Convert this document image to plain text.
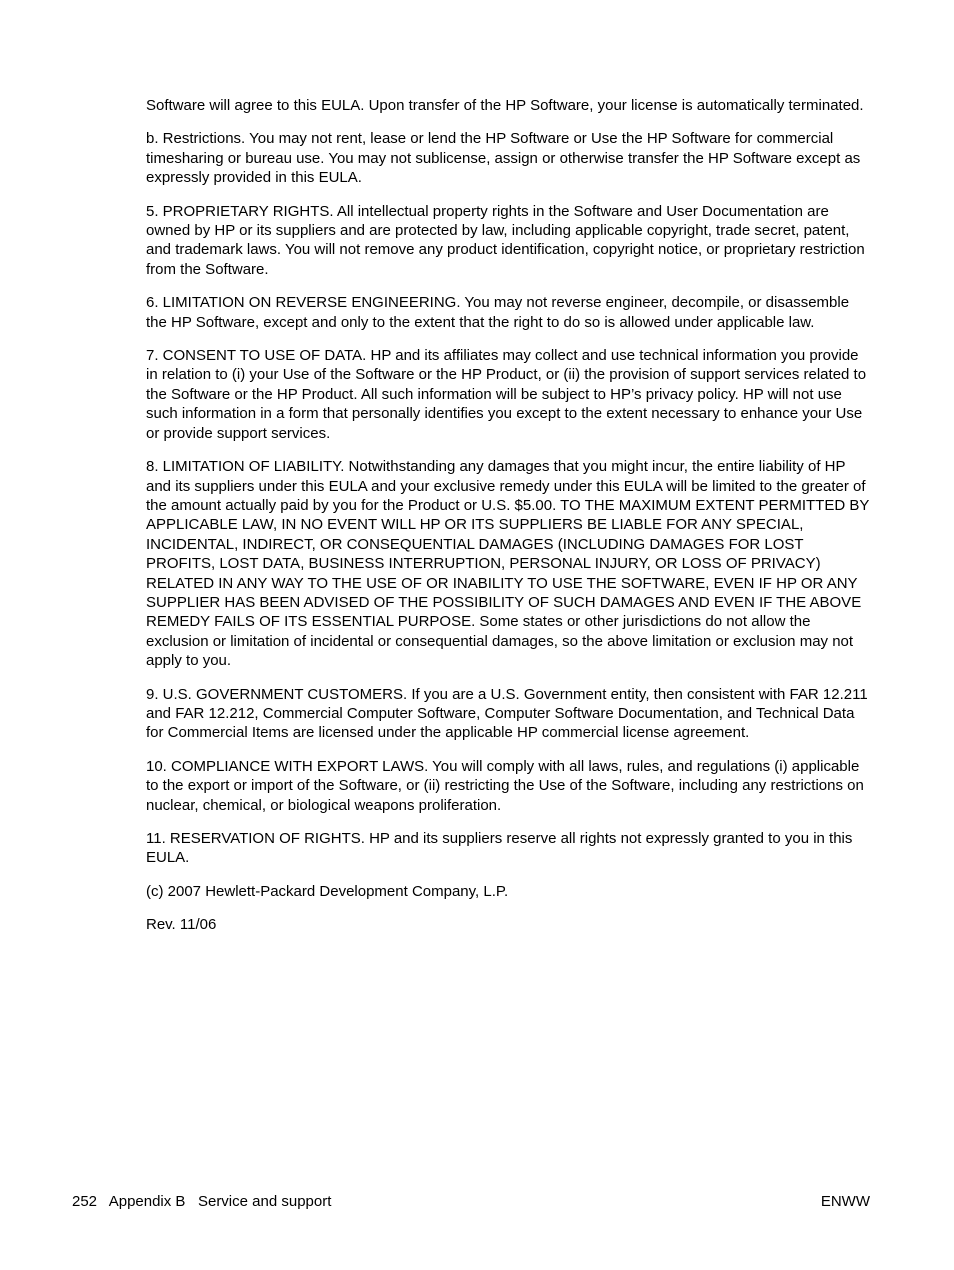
Software will agree to this EULA. Upon transfer of the HP Software, your license is automatically terminated.

b. Restrictions. You may not rent, lease or lend the HP Software or Use the HP Software for commercial timesharing or bureau use. You may not sublicense, assign or otherwise transfer the HP Software except as expressly provided in this EULA.

5. PROPRIETARY RIGHTS. All intellectual property rights in the Software and User Documentation are owned by HP or its suppliers and are protected by law, including applicable copyright, trade secret, patent, and trademark laws. You will not remove any product identification, copyright notice, or proprietary restriction from the Software.

6. LIMITATION ON REVERSE ENGINEERING. You may not reverse engineer, decompile, or disassemble the HP Software, except and only to the extent that the right to do so is allowed under applicable law.

7. CONSENT TO USE OF DATA. HP and its affiliates may collect and use technical information you provide in relation to (i) your Use of the Software or the HP Product, or (ii) the provision of support services related to the Software or the HP Product. All such information will be subject to HP’s privacy policy. HP will not use such information in a form that personally identifies you except to the extent necessary to enhance your Use or provide support services.

8. LIMITATION OF LIABILITY. Notwithstanding any damages that you might incur, the entire liability of HP and its suppliers under this EULA and your exclusive remedy under this EULA will be limited to the greater of the amount actually paid by you for the Product or U.S. $5.00. TO THE MAXIMUM EXTENT PERMITTED BY APPLICABLE LAW, IN NO EVENT WILL HP OR ITS SUPPLIERS BE LIABLE FOR ANY SPECIAL, INCIDENTAL, INDIRECT, OR CONSEQUENTIAL DAMAGES (INCLUDING DAMAGES FOR LOST PROFITS, LOST DATA, BUSINESS INTERRUPTION, PERSONAL INJURY, OR LOSS OF PRIVACY) RELATED IN ANY WAY TO THE USE OF OR INABILITY TO USE THE SOFTWARE, EVEN IF HP OR ANY SUPPLIER HAS BEEN ADVISED OF THE POSSIBILITY OF SUCH DAMAGES AND EVEN IF THE ABOVE REMEDY FAILS OF ITS ESSENTIAL PURPOSE. Some states or other jurisdictions do not allow the exclusion or limitation of incidental or consequential damages, so the above limitation or exclusion may not apply to you.

9. U.S. GOVERNMENT CUSTOMERS. If you are a U.S. Government entity, then consistent with FAR 12.211 and FAR 12.212, Commercial Computer Software, Computer Software Documentation, and Technical Data for Commercial Items are licensed under the applicable HP commercial license agreement.

10. COMPLIANCE WITH EXPORT LAWS. You will comply with all laws, rules, and regulations (i) applicable to the export or import of the Software, or (ii) restricting the Use of the Software, including any restrictions on nuclear, chemical, or biological weapons proliferation.

11. RESERVATION OF RIGHTS. HP and its suppliers reserve all rights not expressly granted to you in this EULA.

(c) 2007 Hewlett-Packard Development Company, L.P.

Rev. 11/06

252 Appendix B Service and support	ENWW
